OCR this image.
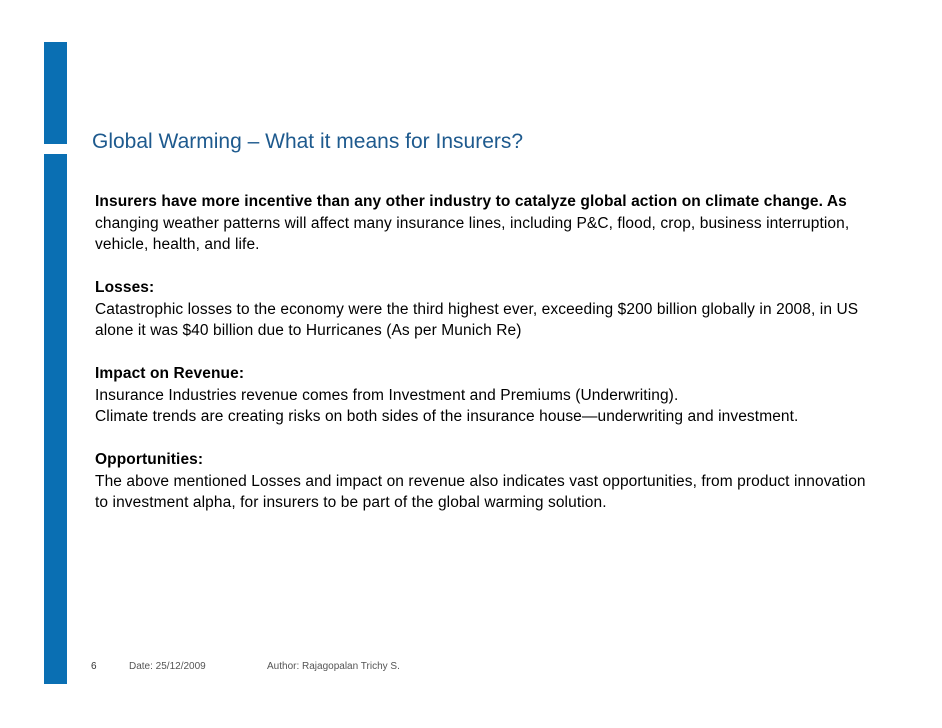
Global Warming – What it means for Insurers?

Insurers have more incentive than any other industry to catalyze global action on climate change. As changing weather patterns will affect many insurance lines, including P&C, flood, crop, business interruption, vehicle, health, and life.

Losses:
Catastrophic losses to the economy were the third highest ever, exceeding $200 billion globally in 2008, in US alone it was $40 billion due to Hurricanes (As per Munich Re)

Impact on Revenue:
Insurance Industries revenue comes from Investment and Premiums (Underwriting).
Climate trends are creating risks on both sides of the insurance house—underwriting and investment.

Opportunities:
The above mentioned Losses and impact on revenue also indicates vast opportunities, from product innovation to investment alpha, for insurers to be part of the global warming solution.

6	Date: 25/12/2009	Author: Rajagopalan Trichy S.
